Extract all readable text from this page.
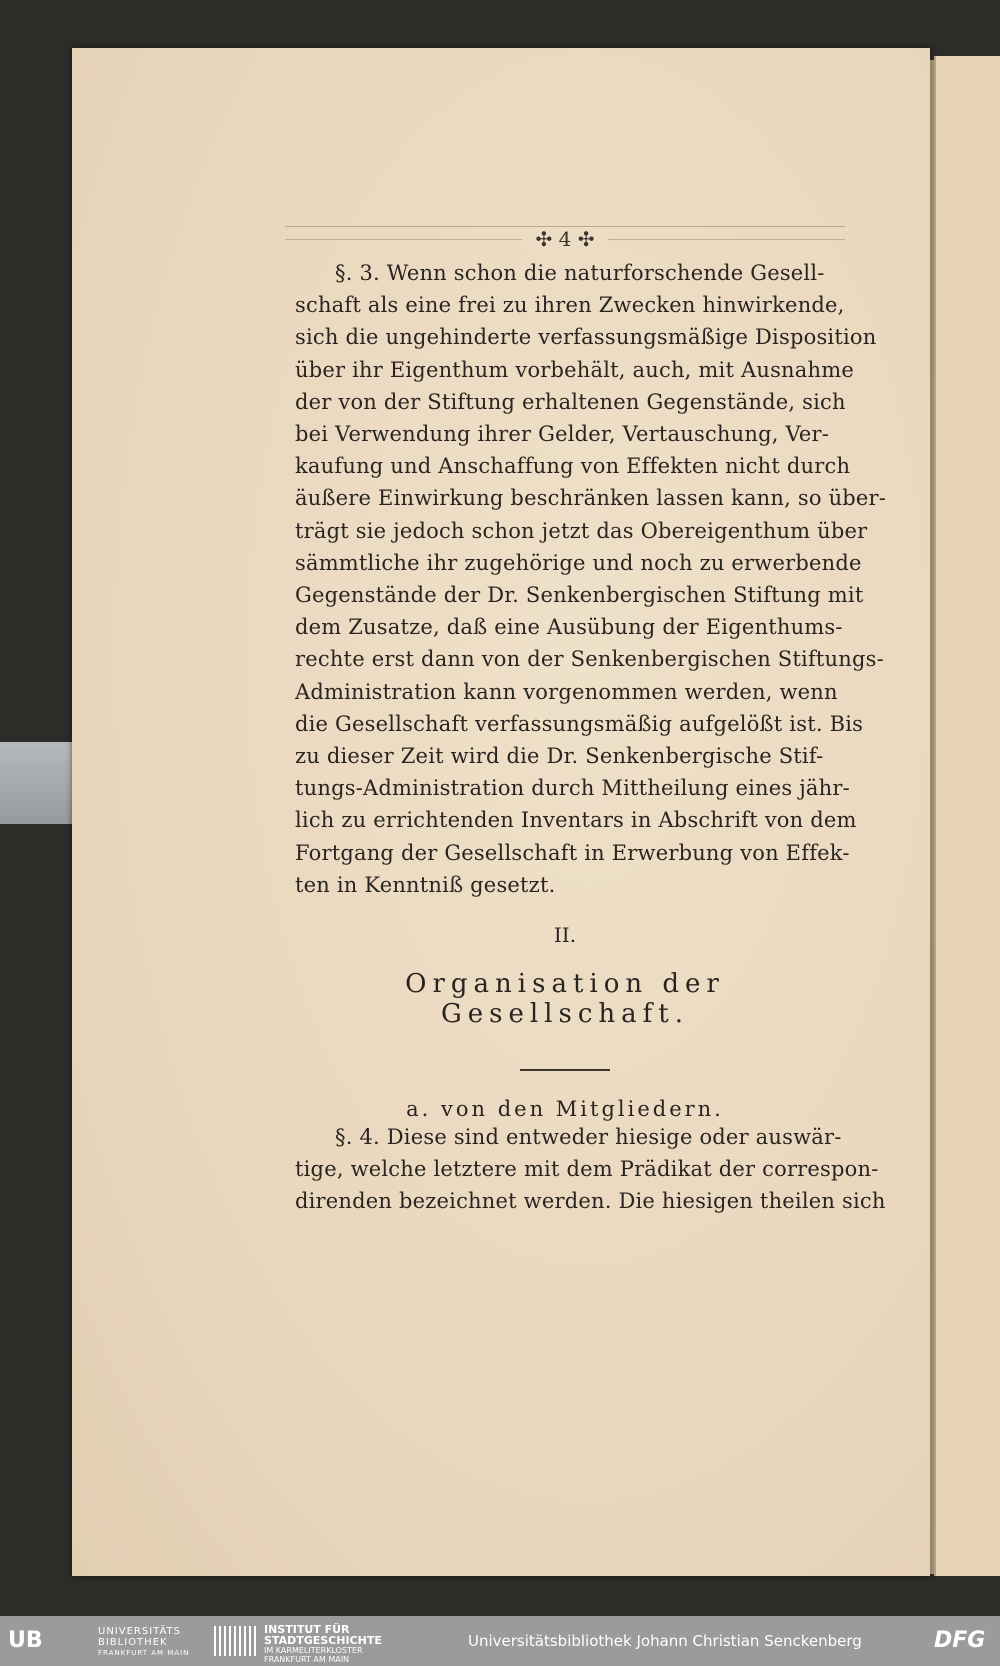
✣ 4 ✣
§. 3. Wenn schon die naturforschende Gesell-
schaft als eine frei zu ihren Zwecken hinwirkende,
sich die ungehinderte verfassungsmäßige Disposition
über ihr Eigenthum vorbehält, auch, mit Ausnahme
der von der Stiftung erhaltenen Gegenstände, sich
bei Verwendung ihrer Gelder, Vertauschung, Ver-
kaufung und Anschaffung von Effekten nicht durch
äußere Einwirkung beschränken lassen kann, so über-
trägt sie jedoch schon jetzt das Obereigenthum über
sämmtliche ihr zugehörige und noch zu erwerbende
Gegenstände der Dr. Senkenbergischen Stiftung mit
dem Zusatze, daß eine Ausübung der Eigenthums-
rechte erst dann von der Senkenbergischen Stiftungs-
Administration kann vorgenommen werden, wenn
die Gesellschaft verfassungsmäßig aufgelößt ist. Bis
zu dieser Zeit wird die Dr. Senkenbergische Stif-
tungs-Administration durch Mittheilung eines jähr-
lich zu errichtenden Inventars in Abschrift von dem
Fortgang der Gesellschaft in Erwerbung von Effek-
ten in Kenntniß gesetzt.
II.
Organisation der Gesellschaft.
a. von den Mitgliedern.
§. 4. Diese sind entweder hiesige oder auswär-
tige, welche letztere mit dem Prädikat der correspon-
direnden bezeichnet werden. Die hiesigen theilen sich
UB	UNIVERSITÄTS
BIBLIOTHEK
FRANKFURT AM MAIN
INSTITUT FÜR
STADTGESCHICHTE
IM KARMELITERKLOSTER
FRANKFURT AM MAIN
Universitätsbibliothek Johann Christian Senckenberg	DFG
